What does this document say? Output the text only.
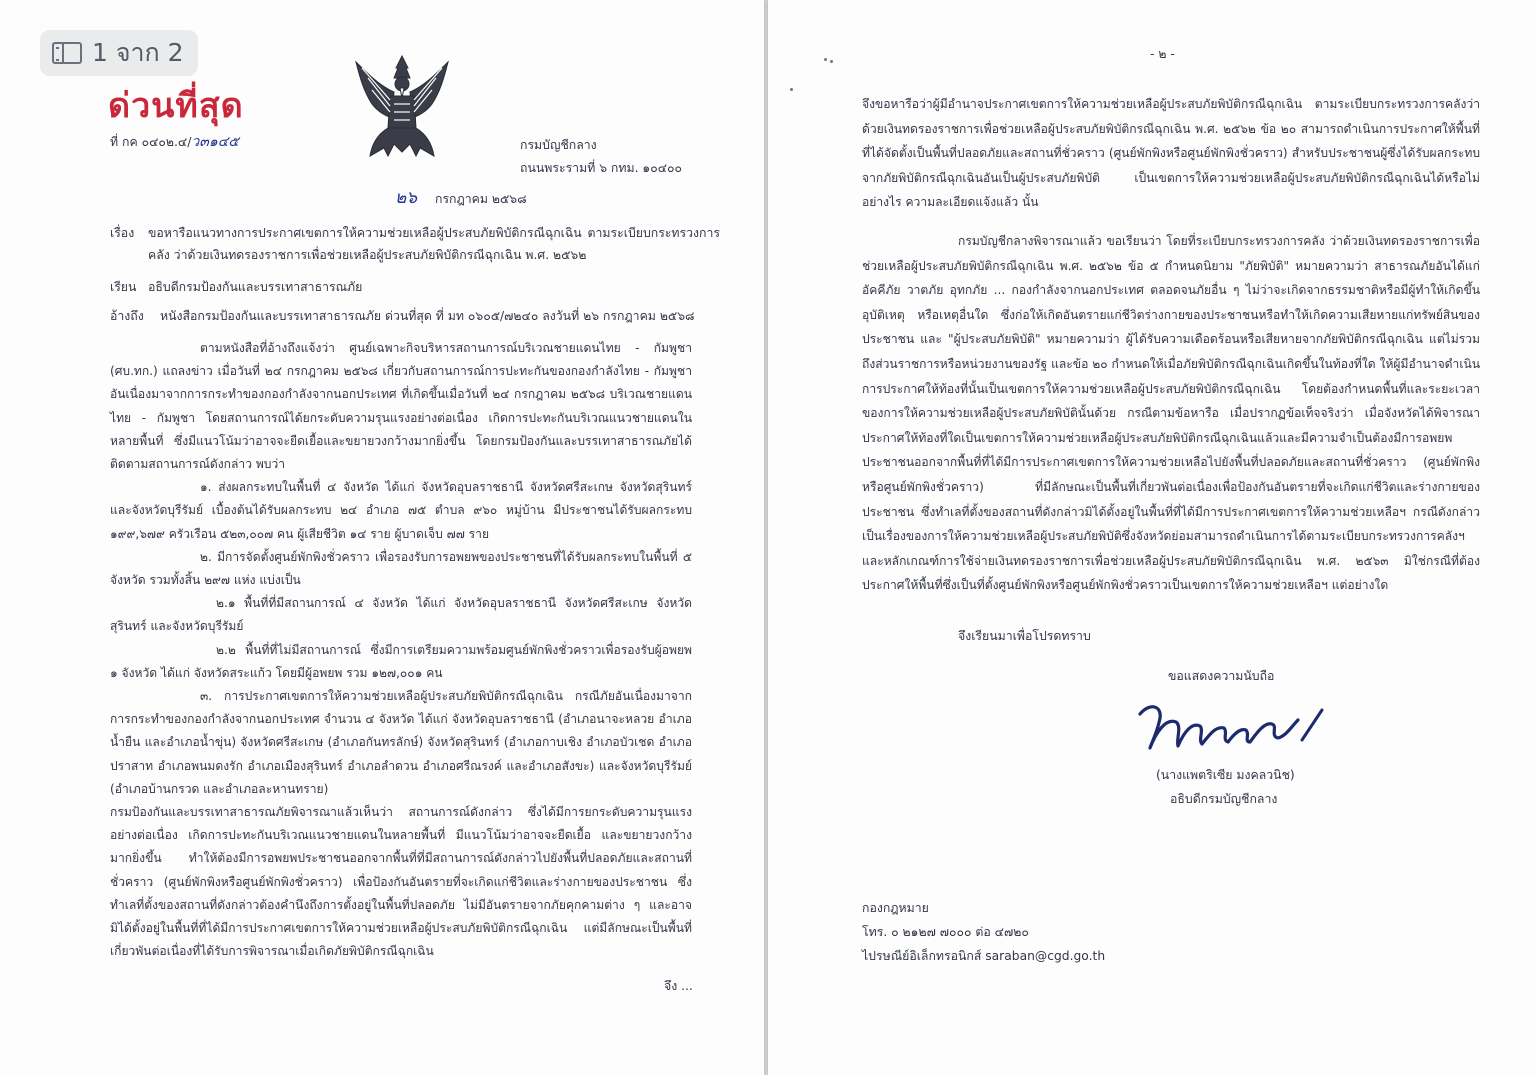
1 จาก 2
ด่วนที่สุด
ที่ กค ๐๔๐๒.๔/ว๓๑๔๕	กรมบัญชีกลาง
ถนนพระรามที่ ๖ กทม. ๑๐๔๐๐
๒๖ กรกฎาคม ๒๕๖๘
เรื่อง ขอหารือแนวทางการประกาศเขตการให้ความช่วยเหลือผู้ประสบภัยพิบัติกรณีฉุกเฉิน ตามระเบียบกระทรวงการคลัง ว่าด้วยเงินทดรองราชการเพื่อช่วยเหลือผู้ประสบภัยพิบัติกรณีฉุกเฉิน พ.ศ. ๒๕๖๒
เรียน อธิบดีกรมป้องกันและบรรเทาสาธารณภัย
อ้างถึง หนังสือกรมป้องกันและบรรเทาสาธารณภัย ด่วนที่สุด ที่ มท ๐๖๐๕/๗๒๔๐ ลงวันที่ ๒๖ กรกฎาคม ๒๕๖๘

ตามหนังสือที่อ้างถึงแจ้งว่า ศูนย์เฉพาะกิจบริหารสถานการณ์บริเวณชายแดนไทย - กัมพูชา (ศบ.ทก.) แถลงข่าว เมื่อวันที่ ๒๔ กรกฎาคม ๒๕๖๘ เกี่ยวกับสถานการณ์การปะทะกันของกองกำลังไทย - กัมพูชา อันเนื่องมาจากการกระทำของกองกำลังจากนอกประเทศ ที่เกิดขึ้นเมื่อวันที่ ๒๔ กรกฎาคม ๒๕๖๘ บริเวณชายแดนไทย - กัมพูชา โดยสถานการณ์ได้ยกระดับความรุนแรงอย่างต่อเนื่อง เกิดการปะทะกันบริเวณแนวชายแดนในหลายพื้นที่ ซึ่งมีแนวโน้มว่าอาจจะยืดเยื้อและขยายวงกว้างมากยิ่งขึ้น โดยกรมป้องกันและบรรเทาสาธารณภัยได้ติดตามสถานการณ์ดังกล่าว พบว่า

๑. ส่งผลกระทบในพื้นที่ ๔ จังหวัด ได้แก่ จังหวัดอุบลราชธานี จังหวัดศรีสะเกษ จังหวัดสุรินทร์ และจังหวัดบุรีรัมย์ เบื้องต้นได้รับผลกระทบ ๒๔ อำเภอ ๗๕ ตำบล ๙๖๐ หมู่บ้าน มีประชาชนได้รับผลกระทบ ๑๙๙,๖๗๙ ครัวเรือน ๕๒๓,๐๐๗ คน ผู้เสียชีวิต ๑๔ ราย ผู้บาดเจ็บ ๗๗ ราย

๒. มีการจัดตั้งศูนย์พักพิงชั่วคราว เพื่อรองรับการอพยพของประชาชนที่ได้รับผลกระทบในพื้นที่ ๕ จังหวัด รวมทั้งสิ้น ๒๙๗ แห่ง แบ่งเป็น

๒.๑ พื้นที่ที่มีสถานการณ์ ๔ จังหวัด ได้แก่ จังหวัดอุบลราชธานี จังหวัดศรีสะเกษ จังหวัดสุรินทร์ และจังหวัดบุรีรัมย์

๒.๒ พื้นที่ที่ไม่มีสถานการณ์ ซึ่งมีการเตรียมความพร้อมศูนย์พักพิงชั่วคราวเพื่อรองรับผู้อพยพ ๑ จังหวัด ได้แก่ จังหวัดสระแก้ว โดยมีผู้อพยพ รวม ๑๒๗,๐๐๑ คน

๓. การประกาศเขตการให้ความช่วยเหลือผู้ประสบภัยพิบัติกรณีฉุกเฉิน กรณีภัยอันเนื่องมาจากการกระทำของกองกำลังจากนอกประเทศ จำนวน ๔ จังหวัด ได้แก่ จังหวัดอุบลราชธานี (อำเภอนาจะหลวย อำเภอน้ำยืน และอำเภอน้ำขุ่น) จังหวัดศรีสะเกษ (อำเภอกันทรลักษ์) จังหวัดสุรินทร์ (อำเภอกาบเชิง อำเภอบัวเชด อำเภอปราสาท อำเภอพนมดงรัก อำเภอเมืองสุรินทร์ อำเภอลำดวน อำเภอศรีณรงค์ และอำเภอสังขะ) และจังหวัดบุรีรัมย์ (อำเภอบ้านกรวด และอำเภอละหานทราย)

กรมป้องกันและบรรเทาสาธารณภัยพิจารณาแล้วเห็นว่า สถานการณ์ดังกล่าว ซึ่งได้มีการยกระดับความรุนแรงอย่างต่อเนื่อง เกิดการปะทะกันบริเวณแนวชายแดนในหลายพื้นที่ มีแนวโน้มว่าอาจจะยืดเยื้อ และขยายวงกว้างมากยิ่งขึ้น ทำให้ต้องมีการอพยพประชาชนออกจากพื้นที่ที่มีสถานการณ์ดังกล่าวไปยังพื้นที่ปลอดภัยและสถานที่ชั่วคราว (ศูนย์พักพิงหรือศูนย์พักพิงชั่วคราว) เพื่อป้องกันอันตรายที่จะเกิดแก่ชีวิตและร่างกายของประชาชน ซึ่งทำเลที่ตั้งของสถานที่ดังกล่าวต้องคำนึงถึงการตั้งอยู่ในพื้นที่ปลอดภัย ไม่มีอันตรายจากภัยคุกคามต่าง ๆ และอาจมิได้ตั้งอยู่ในพื้นที่ที่ได้มีการประกาศเขตการให้ความช่วยเหลือผู้ประสบภัยพิบัติกรณีฉุกเฉิน แต่มีลักษณะเป็นพื้นที่เกี่ยวพันต่อเนื่องที่ได้รับการพิจารณาเมื่อเกิดภัยพิบัติกรณีฉุกเฉิน

จึง ...
- ๒ -

จึงขอหารือว่าผู้มีอำนาจประกาศเขตการให้ความช่วยเหลือผู้ประสบภัยพิบัติกรณีฉุกเฉิน ตามระเบียบกระทรวงการคลังว่าด้วยเงินทดรองราชการเพื่อช่วยเหลือผู้ประสบภัยพิบัติกรณีฉุกเฉิน พ.ศ. ๒๕๖๒ ข้อ ๒๐ สามารถดำเนินการประกาศให้พื้นที่ที่ได้จัดตั้งเป็นพื้นที่ปลอดภัยและสถานที่ชั่วคราว (ศูนย์พักพิงหรือศูนย์พักพิงชั่วคราว) สำหรับประชาชนผู้ซึ่งได้รับผลกระทบจากภัยพิบัติกรณีฉุกเฉินอันเป็นผู้ประสบภัยพิบัติ เป็นเขตการให้ความช่วยเหลือผู้ประสบภัยพิบัติกรณีฉุกเฉินได้หรือไม่ อย่างไร ความละเอียดแจ้งแล้ว นั้น

กรมบัญชีกลางพิจารณาแล้ว ขอเรียนว่า โดยที่ระเบียบกระทรวงการคลัง ว่าด้วยเงินทดรองราชการเพื่อช่วยเหลือผู้ประสบภัยพิบัติกรณีฉุกเฉิน พ.ศ. ๒๕๖๒ ข้อ ๕ กำหนดนิยาม "ภัยพิบัติ" หมายความว่า สาธารณภัยอันได้แก่ อัคคีภัย วาตภัย อุทกภัย ... กองกำลังจากนอกประเทศ ตลอดจนภัยอื่น ๆ ไม่ว่าจะเกิดจากธรรมชาติหรือมีผู้ทำให้เกิดขึ้น อุบัติเหตุ หรือเหตุอื่นใด ซึ่งก่อให้เกิดอันตรายแก่ชีวิตร่างกายของประชาชนหรือทำให้เกิดความเสียหายแก่ทรัพย์สินของประชาชน และ "ผู้ประสบภัยพิบัติ" หมายความว่า ผู้ได้รับความเดือดร้อนหรือเสียหายจากภัยพิบัติกรณีฉุกเฉิน แต่ไม่รวมถึงส่วนราชการหรือหน่วยงานของรัฐ และข้อ ๒๐ กำหนดให้เมื่อภัยพิบัติกรณีฉุกเฉินเกิดขึ้นในท้องที่ใด ให้ผู้มีอำนาจดำเนินการประกาศให้ท้องที่นั้นเป็นเขตการให้ความช่วยเหลือผู้ประสบภัยพิบัติกรณีฉุกเฉิน โดยต้องกำหนดพื้นที่และระยะเวลาของการให้ความช่วยเหลือผู้ประสบภัยพิบัตินั้นด้วย กรณีตามข้อหารือ เมื่อปรากฏข้อเท็จจริงว่า เมื่อจังหวัดได้พิจารณาประกาศให้ท้องที่ใดเป็นเขตการให้ความช่วยเหลือผู้ประสบภัยพิบัติกรณีฉุกเฉินแล้วและมีความจำเป็นต้องมีการอพยพประชาชนออกจากพื้นที่ที่ได้มีการประกาศเขตการให้ความช่วยเหลือไปยังพื้นที่ปลอดภัยและสถานที่ชั่วคราว (ศูนย์พักพิงหรือศูนย์พักพิงชั่วคราว) ที่มีลักษณะเป็นพื้นที่เกี่ยวพันต่อเนื่องเพื่อป้องกันอันตรายที่จะเกิดแก่ชีวิตและร่างกายของประชาชน ซึ่งทำเลที่ตั้งของสถานที่ดังกล่าวมิได้ตั้งอยู่ในพื้นที่ที่ได้มีการประกาศเขตการให้ความช่วยเหลือฯ กรณีดังกล่าวเป็นเรื่องของการให้ความช่วยเหลือผู้ประสบภัยพิบัติซึ่งจังหวัดย่อมสามารถดำเนินการได้ตามระเบียบกระทรวงการคลังฯ และหลักเกณฑ์การใช้จ่ายเงินทดรองราชการเพื่อช่วยเหลือผู้ประสบภัยพิบัติกรณีฉุกเฉิน พ.ศ. ๒๕๖๓ มิใช่กรณีที่ต้องประกาศให้พื้นที่ซึ่งเป็นที่ตั้งศูนย์พักพิงหรือศูนย์พักพิงชั่วคราวเป็นเขตการให้ความช่วยเหลือฯ แต่อย่างใด

จึงเรียนมาเพื่อโปรดทราบ
ขอแสดงความนับถือ
(นางแพตริเซีย มงคลวนิช)
อธิบดีกรมบัญชีกลาง
กองกฎหมาย
โทร. ๐ ๒๑๒๗ ๗๐๐๐ ต่อ ๔๗๒๐
ไปรษณีย์อิเล็กทรอนิกส์ saraban@cgd.go.th
